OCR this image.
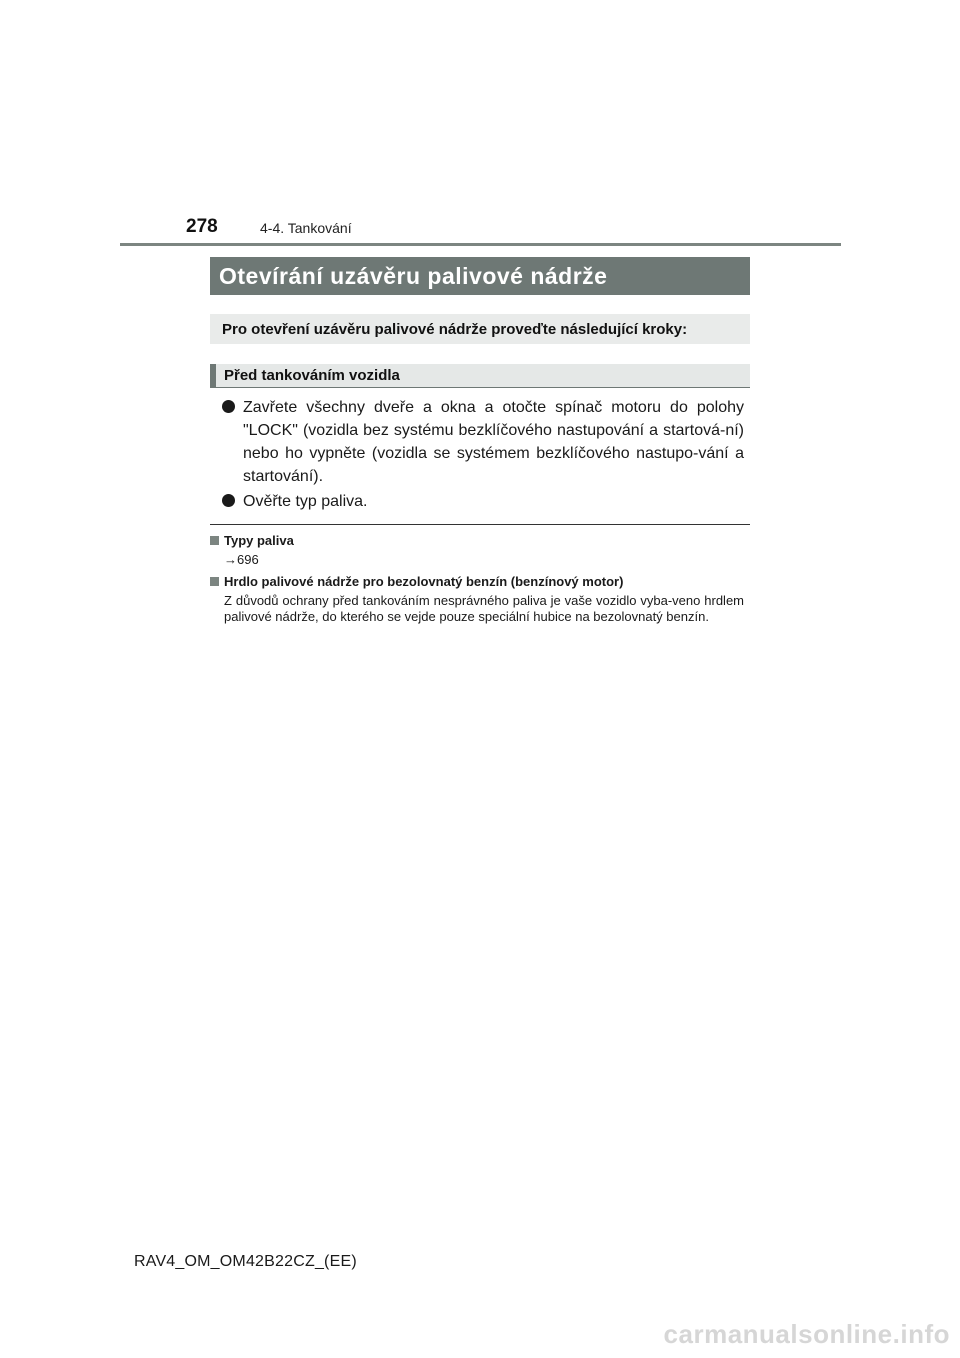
278	4-4. Tankování
Otevírání uzávěru palivové nádrže
Pro otevření uzávěru palivové nádrže proveďte následující kroky:
Před tankováním vozidla
Zavřete všechny dveře a okna a otočte spínač motoru do polohy "LOCK" (vozidla bez systému bezklíčového nastupování a startová-ní) nebo ho vypněte (vozidla se systémem bezklíčového nastupo-vání a startování).
Ověřte typ paliva.
Typy paliva
→696
Hrdlo palivové nádrže pro bezolovnatý benzín (benzínový motor)
Z důvodů ochrany před tankováním nesprávného paliva je vaše vozidlo vyba-veno hrdlem palivové nádrže, do kterého se vejde pouze speciální hubice na bezolovnatý benzín.
RAV4_OM_OM42B22CZ_(EE)
carmanualsonline.info
